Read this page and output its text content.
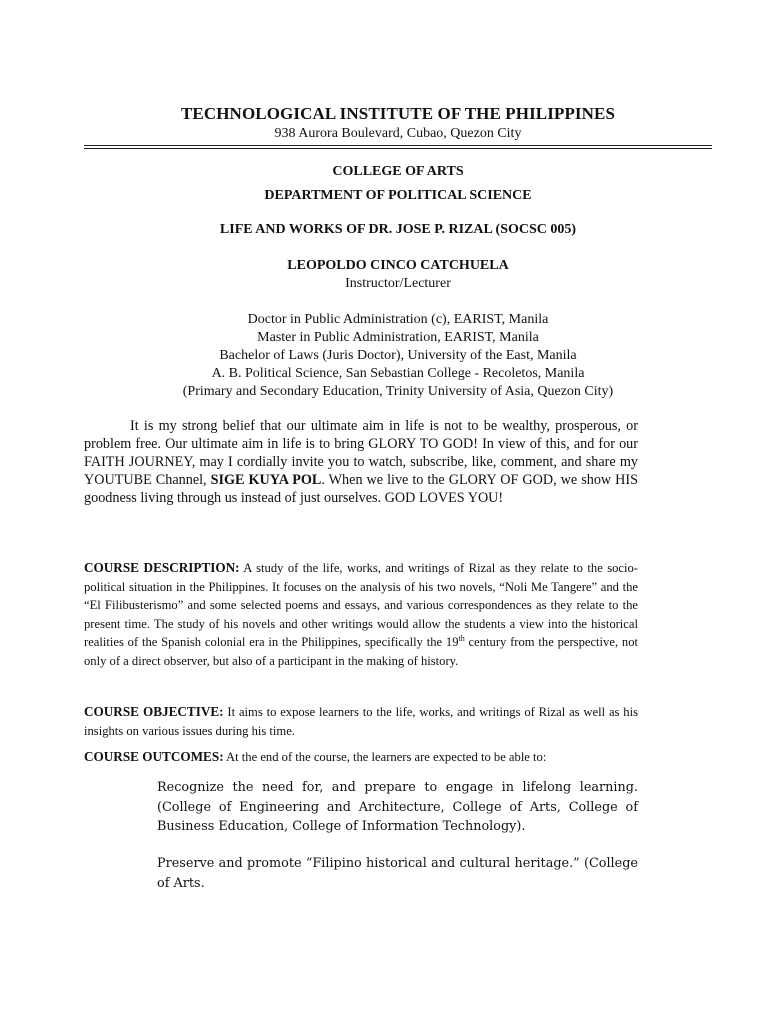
TECHNOLOGICAL INSTITUTE OF THE PHILIPPINES
938 Aurora Boulevard, Cubao, Quezon City
COLLEGE OF ARTS
DEPARTMENT OF POLITICAL SCIENCE
LIFE AND WORKS OF DR. JOSE P. RIZAL (SOCSC 005)
LEOPOLDO CINCO CATCHUELA
Instructor/Lecturer
Doctor in Public Administration (c), EARIST, Manila
Master in Public Administration, EARIST, Manila
Bachelor of Laws (Juris Doctor), University of the East, Manila
A. B. Political Science, San Sebastian College - Recoletos, Manila
(Primary and Secondary Education, Trinity University of Asia, Quezon City)
It is my strong belief that our ultimate aim in life is not to be wealthy, prosperous, or problem free. Our ultimate aim in life is to bring GLORY TO GOD! In view of this, and for our FAITH JOURNEY, may I cordially invite you to watch, subscribe, like, comment, and share my YOUTUBE Channel, SIGE KUYA POL. When we live to the GLORY OF GOD, we show HIS goodness living through us instead of just ourselves. GOD LOVES YOU!
COURSE DESCRIPTION: A study of the life, works, and writings of Rizal as they relate to the socio-political situation in the Philippines. It focuses on the analysis of his two novels, “Noli Me Tangere” and the “El Filibusterismo” and some selected poems and essays, and various correspondences as they relate to the present time. The study of his novels and other writings would allow the students a view into the historical realities of the Spanish colonial era in the Philippines, specifically the 19th century from the perspective, not only of a direct observer, but also of a participant in the making of history.
COURSE OBJECTIVE: It aims to expose learners to the life, works, and writings of Rizal as well as his insights on various issues during his time.
COURSE OUTCOMES: At the end of the course, the learners are expected to be able to:
Recognize the need for, and prepare to engage in lifelong learning. (College of Engineering and Architecture, College of Arts, College of Business Education, College of Information Technology).
Preserve and promote “Filipino historical and cultural heritage.” (College of Arts.
